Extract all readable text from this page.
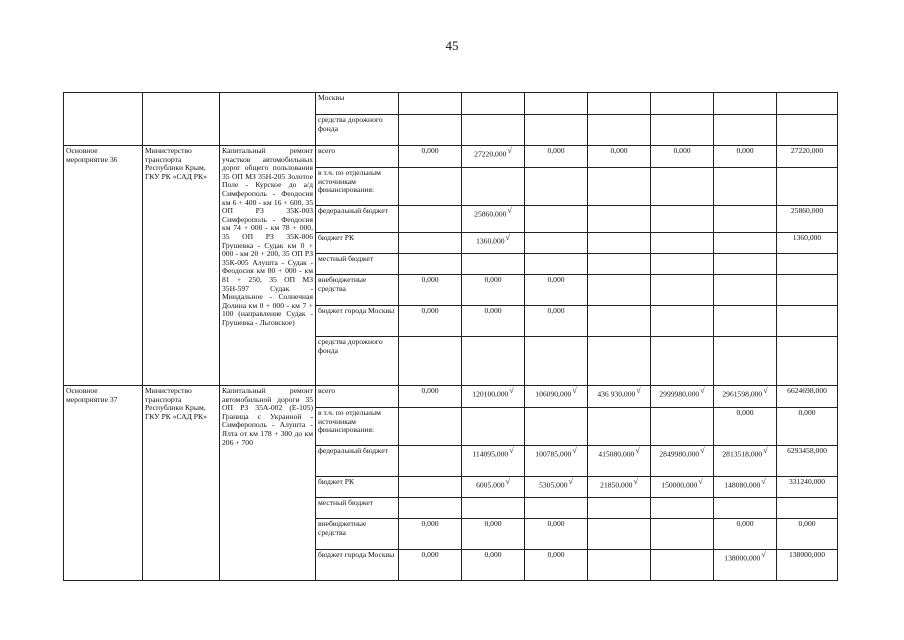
45
			Москвы							
			средства дорожного фонда							
Основное мероприятие 36	Министерство транспорта Республики Крым, ГКУ РК «САД РК»	Капитальный ремонт участков автомобильных дорог общего пользования 35 ОП МЗ 35Н-205 Золотое Поле - Курское до а/д Симферополь - Феодосия км 6 + 400 - км 16 + 600, 35 ОП РЗ 35К-003 Симферополь - Феодосия км 74 + 000 - км 78 + 000, 35 ОП РЗ 35К-006 Грушевка - Судак км 0 + 000 - км 20 + 200, 35 ОП РЗ 35К-005 Алушта - Судак - Феодосия км 80 + 000 - км 81 + 250, 35 ОП МЗ 35Н-597 Судак - Миндальное - Солнечная Долина км 0 + 000 - км 7 + 100 (направление Судак - Грушевка - Льговское)	всего	0,000	27220,000√	0,000	0,000	0,000	0,000	27220,000
			в т.ч. по отдельным источникам финансирования:							
			федеральный бюджет		25860,000√					25860,000
			бюджет РК		1360,000√					1360,000
			местный бюджет							
			внебюджетные средства	0,000	0,000	0,000				
			бюджет города Москвы	0,000	0,000	0,000				
			средства дорожного фонда							
Основное мероприятие 37	Министерство транспорта Республики Крым, ГКУ РК «САД РК»	Капитальный ремонт автомобильной дороги 35 ОП РЗ 35А-002 (Е-105) Граница с Украиной - Симферополь - Алушта - Ялта от км 178 + 300 до км 206 + 700	всего	0,000	120100,000√	106090,000√	436 930,000√	2999980,000√	2961598,000√	6624698,000
			в т.ч. по отдельным источникам финансирования:						0,000	0,000
			федеральный бюджет		114095,000√	100785,000√	415080,000√	2849980,000√	2813518,000√	6293458,000
			бюджет РК		6005,000√	5305,000√	21850,000√	150000,000√	148080,000√	331240,000
			местный бюджет							
			внебюджетные средства	0,000	0,000	0,000			0,000	0,000
			бюджет города Москвы	0,000	0,000	0,000			138000,000√	138000,000
